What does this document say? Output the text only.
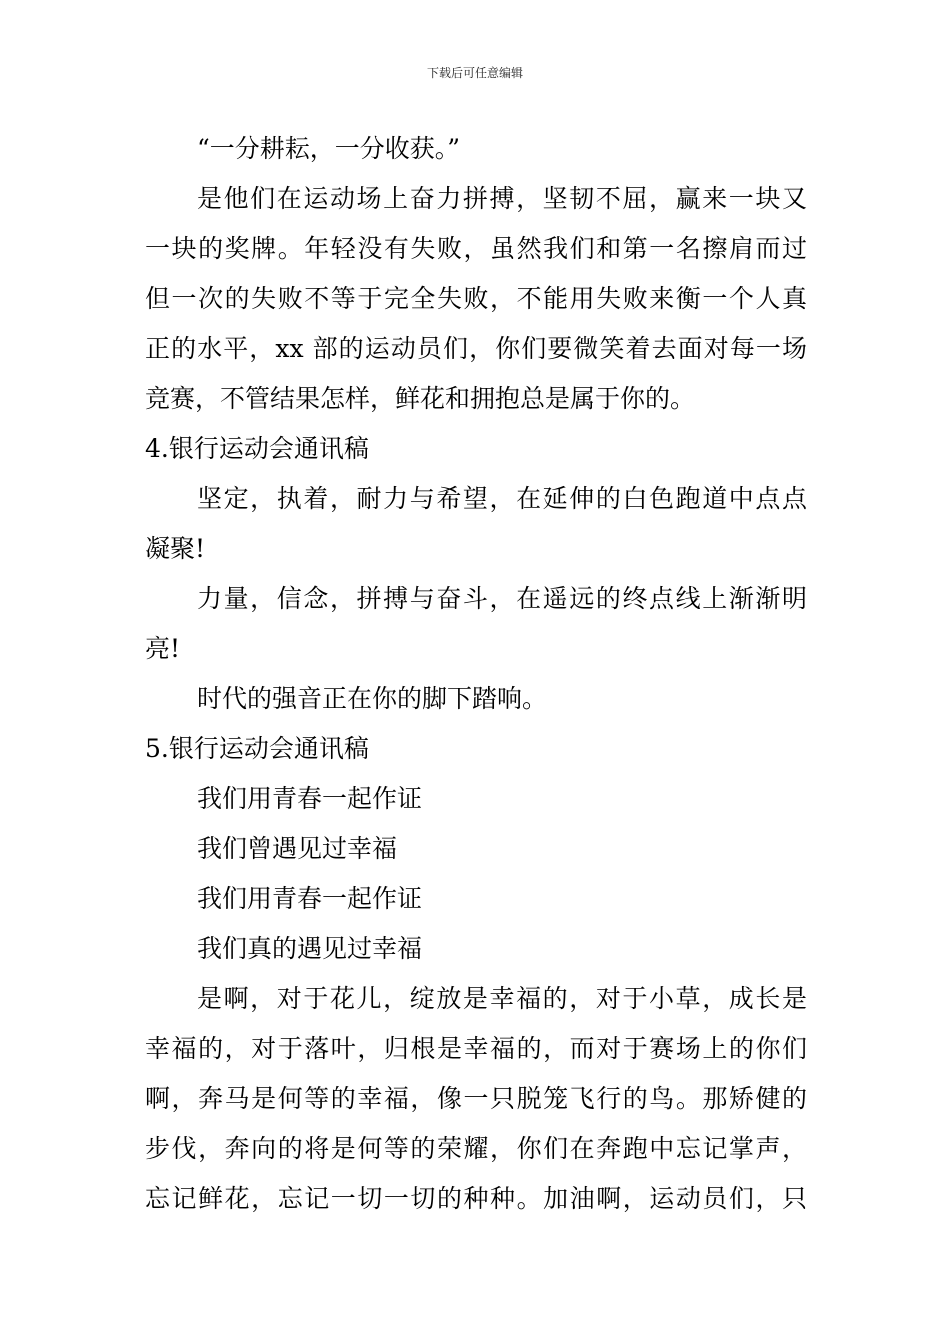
下载后可任意编辑
“一分耕耘，一分收获。”
是他们在运动场上奋力拼搏，坚韧不屈，赢来一块又
一块的奖牌。年轻没有失败，虽然我们和第一名擦肩而过
但一次的失败不等于完全失败，不能用失败来衡一个人真
正的水平，xx 部的运动员们，你们要微笑着去面对每一场
竞赛，不管结果怎样，鲜花和拥抱总是属于你的。
4.银行运动会通讯稿
坚定，执着，耐力与希望，在延伸的白色跑道中点点
凝聚!
力量，信念，拼搏与奋斗，在遥远的终点线上渐渐明
亮!
时代的强音正在你的脚下踏响。
5.银行运动会通讯稿
我们用青春一起作证
我们曾遇见过幸福
我们用青春一起作证
我们真的遇见过幸福
是啊，对于花儿，绽放是幸福的，对于小草，成长是
幸福的，对于落叶，归根是幸福的，而对于赛场上的你们
啊，奔马是何等的幸福，像一只脱笼飞行的鸟。那矫健的
步伐，奔向的将是何等的荣耀，你们在奔跑中忘记掌声，
忘记鲜花，忘记一切一切的种种。加油啊，运动员们，只
